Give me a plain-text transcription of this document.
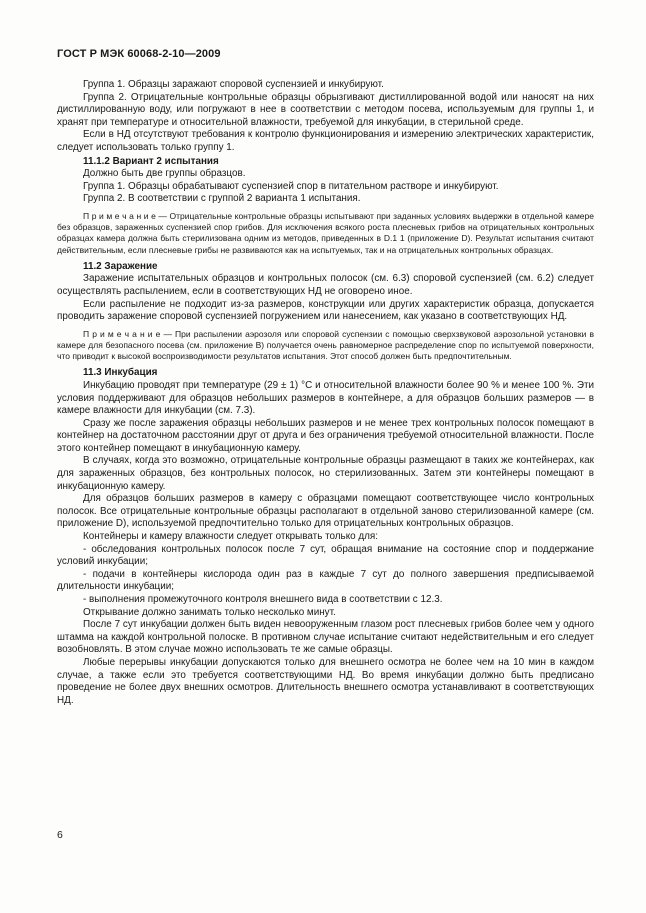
ГОСТ Р МЭК 60068-2-10—2009

Группа 1. Образцы заражают споровой суспензией и инкубируют.

Группа 2. Отрицательные контрольные образцы обрызгивают дистиллированной водой или наносят на них дистиллированную воду, или погружают в нее в соответствии с методом посева, используемым для группы 1, и хранят при температуре и относительной влажности, требуемой для инкубации, в стерильной среде.

Если в НД отсутствуют требования к контролю функционирования и измерению электрических характеристик, следует использовать только группу 1.

11.1.2 Вариант 2 испытания

Должно быть две группы образцов.

Группа 1. Образцы обрабатывают суспензией спор в питательном растворе и инкубируют.

Группа 2. В соответствии с группой 2 варианта 1 испытания.

П р и м е ч а н и е — Отрицательные контрольные образцы испытывают при заданных условиях выдержки в отдельной камере без образцов, зараженных суспензией спор грибов. Для исключения всякого роста плесневых грибов на отрицательных контрольных образцах камера должна быть стерилизована одним из методов, приведенных в D.1 1 (приложение D). Результат испытания считают действительным, если плесневые грибы не развиваются как на испытуемых, так и на отрицательных контрольных образцах.

11.2 Заражение

Заражение испытательных образцов и контрольных полосок (см. 6.3) споровой суспензией (см. 6.2) следует осуществлять распылением, если в соответствующих НД не оговорено иное.

Если распыление не подходит из-за размеров, конструкции или других характеристик образца, допускается проводить заражение споровой суспензией погружением или нанесением, как указано в соответствующих НД.

П р и м е ч а н и е — При распылении аэрозоля или споровой суспензии с помощью сверхзвуковой аэрозольной установки в камере для безопасного посева (см. приложение В) получается очень равномерное распределение спор по испытуемой поверхности, что приводит к высокой воспроизводимости результатов испытания. Этот способ должен быть предпочтительным.

11.3 Инкубация

Инкубацию проводят при температуре (29 ± 1) °С и относительной влажности более 90 % и менее 100 %. Эти условия поддерживают для образцов небольших размеров в контейнере, а для образцов больших размеров — в камере влажности для инкубации (см. 7.3).

Сразу же после заражения образцы небольших размеров и не менее трех контрольных полосок помещают в контейнер на достаточном расстоянии друг от друга и без ограничения требуемой относительной влажности. После этого контейнер помещают в инкубационную камеру.

В случаях, когда это возможно, отрицательные контрольные образцы размещают в таких же контейнерах, как для зараженных образцов, без контрольных полосок, но стерилизованных. Затем эти контейнеры помещают в инкубационную камеру.

Для образцов больших размеров в камеру с образцами помещают соответствующее число контрольных полосок. Все отрицательные контрольные образцы располагают в отдельной заново стерилизованной камере (см. приложение D), используемой предпочтительно только для отрицательных контрольных образцов.

Контейнеры и камеру влажности следует открывать только для:

- обследования контрольных полосок после 7 сут, обращая внимание на состояние спор и поддержание условий инкубации;

- подачи в контейнеры кислорода один раз в каждые 7 сут до полного завершения предписываемой длительности инкубации;

- выполнения промежуточного контроля внешнего вида в соответствии с 12.3.

Открывание должно занимать только несколько минут.

После 7 сут инкубации должен быть виден невооруженным глазом рост плесневых грибов более чем у одного штамма на каждой контрольной полоске. В противном случае испытание считают недействительным и его следует возобновлять. В этом случае можно использовать те же самые образцы.

Любые перерывы инкубации допускаются только для внешнего осмотра не более чем на 10 мин в каждом случае, а также если это требуется соответствующими НД. Во время инкубации должно быть предписано проведение не более двух внешних осмотров. Длительность внешнего осмотра устанавливают в соответствующих НД.

6
